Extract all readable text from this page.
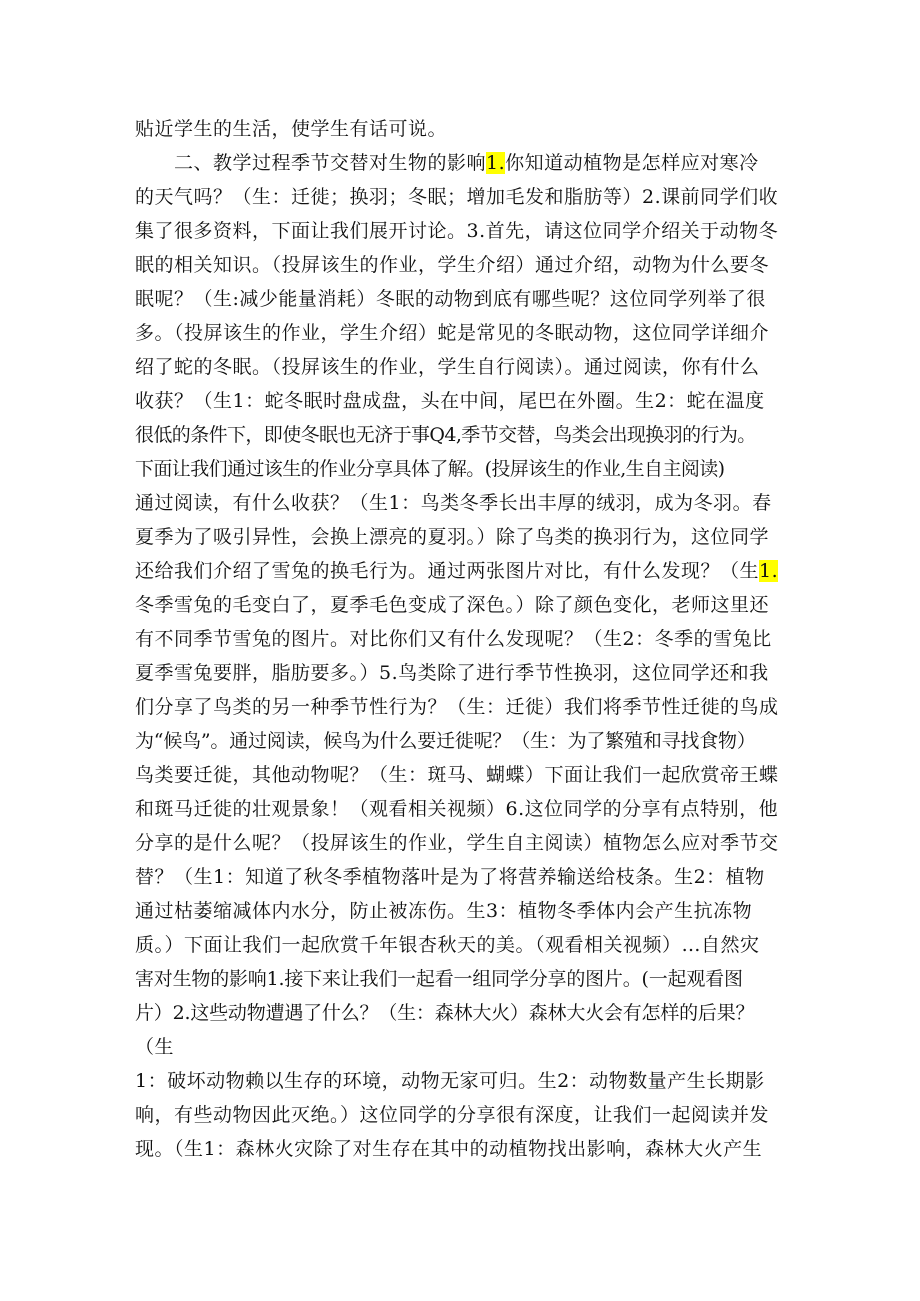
贴近学生的生活，使学生有话可说。
二、教学过程季节交替对生物的影响1.你知道动植物是怎样应对寒冷
的天气吗？（生：迁徙；换羽；冬眠；增加毛发和脂肪等）2.课前同学们收
集了很多资料，下面让我们展开讨论。3.首先，请这位同学介绍关于动物冬
眠的相关知识。（投屏该生的作业，学生介绍）通过介绍，动物为什么要冬
眠呢？（生:减少能量消耗）冬眠的动物到底有哪些呢？这位同学列举了很
多。（投屏该生的作业，学生介绍）蛇是常见的冬眠动物，这位同学详细介
绍了蛇的冬眠。（投屏该生的作业，学生自行阅读）。通过阅读，你有什么
收获？（生1：蛇冬眠时盘成盘，头在中间，尾巴在外圈。生2：蛇在温度
很低的条件下，即使冬眠也无济于事Q4,季节交替，鸟类会出现换羽的行为。
下面让我们通过该生的作业分享具体了解。(投屏该生的作业,生自主阅读)
通过阅读，有什么收获？（生1：鸟类冬季长出丰厚的绒羽，成为冬羽。春
夏季为了吸引异性，会换上漂亮的夏羽。）除了鸟类的换羽行为，这位同学
还给我们介绍了雪兔的换毛行为。通过两张图片对比，有什么发现？（生1.
冬季雪兔的毛变白了，夏季毛色变成了深色。）除了颜色变化，老师这里还
有不同季节雪兔的图片。对比你们又有什么发现呢？（生2：冬季的雪兔比
夏季雪兔要胖，脂肪要多。）5.鸟类除了进行季节性换羽，这位同学还和我
们分享了鸟类的另一种季节性行为？（生：迁徙）我们将季节性迁徙的鸟成
为“候鸟”。通过阅读，候鸟为什么要迁徙呢？（生：为了繁殖和寻找食物）
鸟类要迁徙，其他动物呢？（生：斑马、蝴蝶）下面让我们一起欣赏帝王蝶
和斑马迁徙的壮观景象！（观看相关视频）6.这位同学的分享有点特别，他
分享的是什么呢？（投屏该生的作业，学生自主阅读）植物怎么应对季节交
替？（生1：知道了秋冬季植物落叶是为了将营养输送给枝条。生2：植物
通过枯萎缩减体内水分，防止被冻伤。生3：植物冬季体内会产生抗冻物
质。）下面让我们一起欣赏千年银杏秋天的美。（观看相关视频）…自然灾
害对生物的影响1.接下来让我们一起看一组同学分享的图片。(一起观看图
片）2.这些动物遭遇了什么？（生：森林大火）森林大火会有怎样的后果？
（生
1：破坏动物赖以生存的环境，动物无家可归。生2：动物数量产生长期影
响，有些动物因此灭绝。）这位同学的分享很有深度，让我们一起阅读并发
现。（生1：森林火灾除了对生存在其中的动植物找出影响，森林大火产生
